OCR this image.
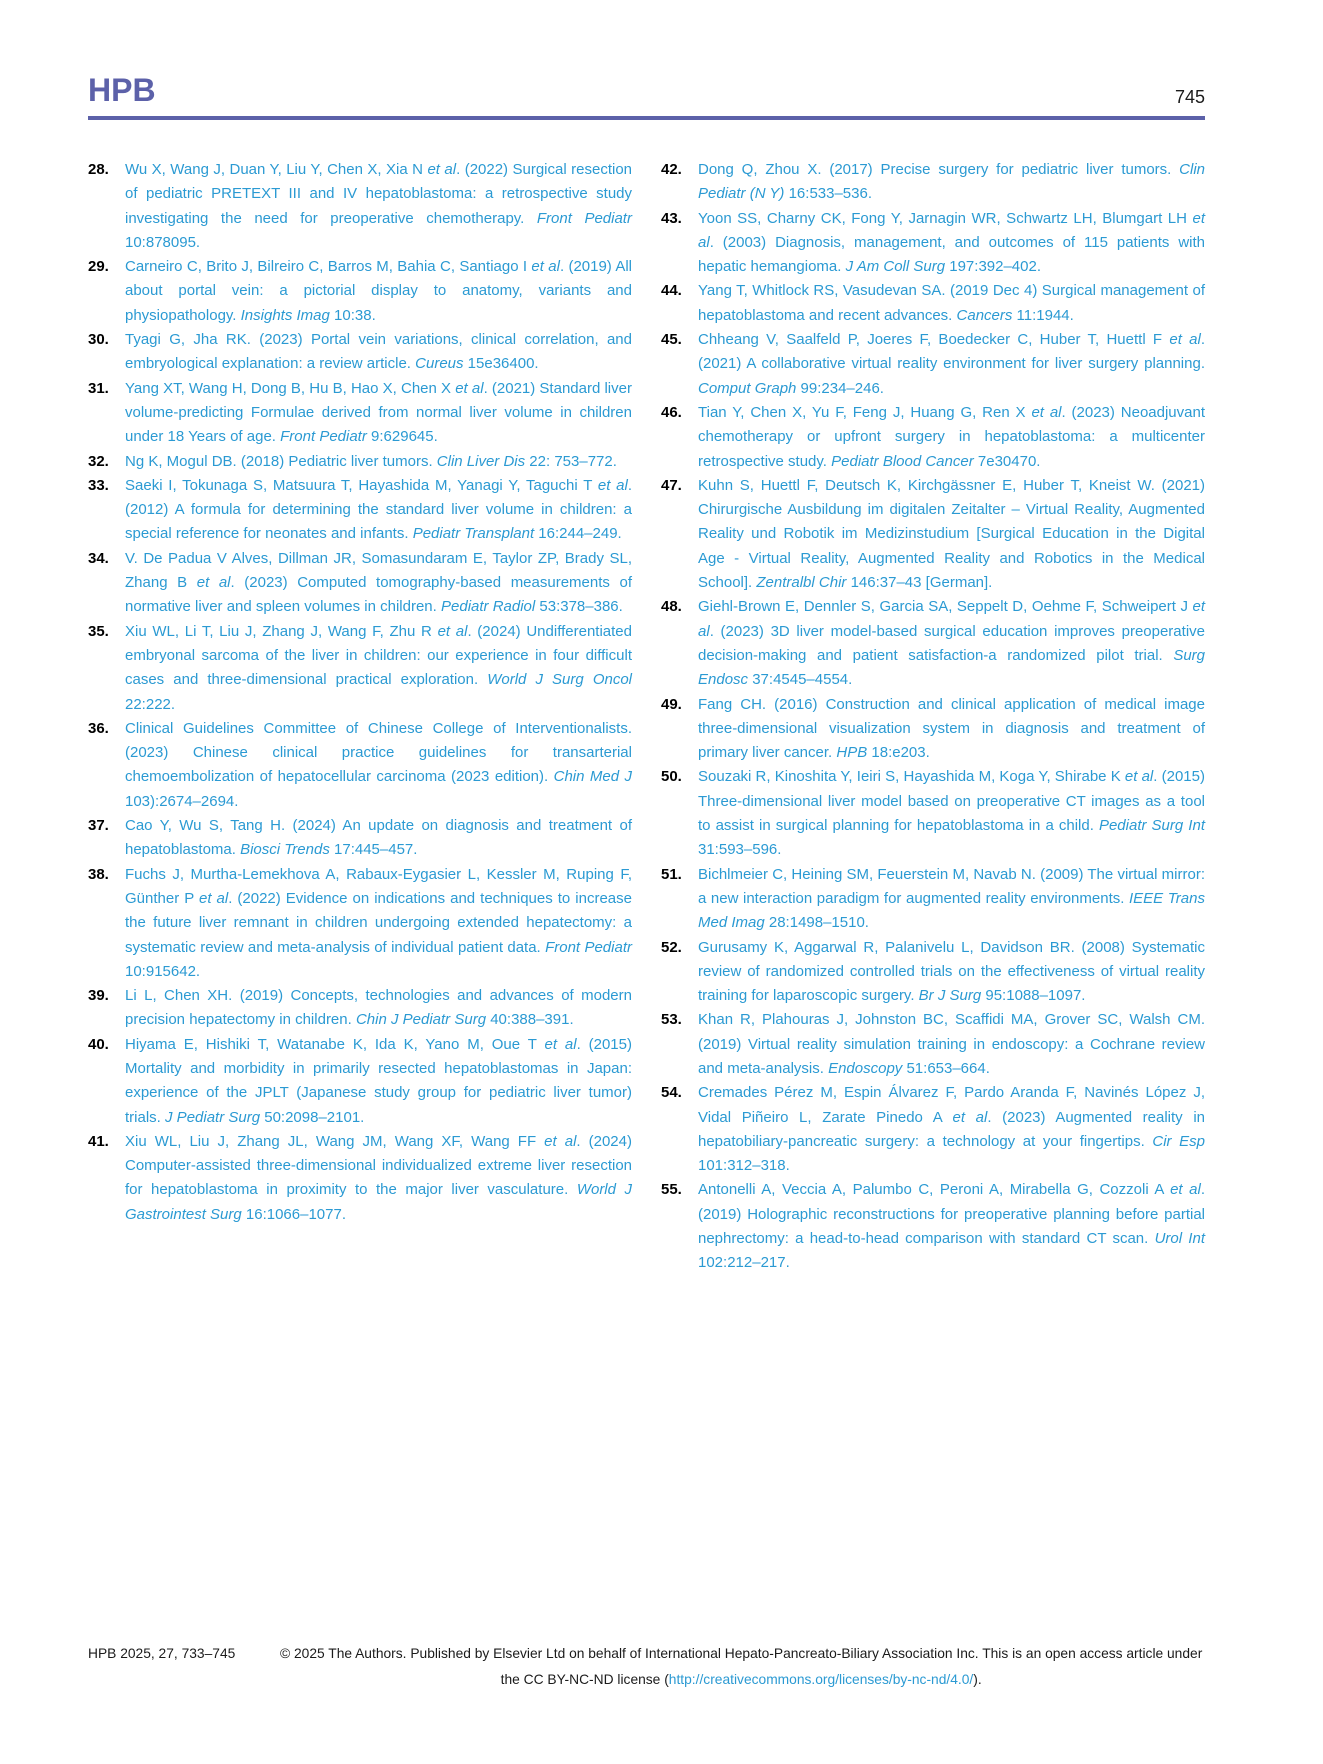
HPB	745
28. Wu X, Wang J, Duan Y, Liu Y, Chen X, Xia N et al. (2022) Surgical resection of pediatric PRETEXT III and IV hepatoblastoma: a retrospective study investigating the need for preoperative chemotherapy. Front Pediatr 10:878095.
29. Carneiro C, Brito J, Bilreiro C, Barros M, Bahia C, Santiago I et al. (2019) All about portal vein: a pictorial display to anatomy, variants and physiopathology. Insights Imag 10:38.
30. Tyagi G, Jha RK. (2023) Portal vein variations, clinical correlation, and embryological explanation: a review article. Cureus 15e36400.
31. Yang XT, Wang H, Dong B, Hu B, Hao X, Chen X et al. (2021) Standard liver volume-predicting Formulae derived from normal liver volume in children under 18 Years of age. Front Pediatr 9:629645.
32. Ng K, Mogul DB. (2018) Pediatric liver tumors. Clin Liver Dis 22: 753–772.
33. Saeki I, Tokunaga S, Matsuura T, Hayashida M, Yanagi Y, Taguchi T et al. (2012) A formula for determining the standard liver volume in children: a special reference for neonates and infants. Pediatr Transplant 16:244–249.
34. V. De Padua V Alves, Dillman JR, Somasundaram E, Taylor ZP, Brady SL, Zhang B et al. (2023) Computed tomography-based measurements of normative liver and spleen volumes in children. Pediatr Radiol 53:378–386.
35. Xiu WL, Li T, Liu J, Zhang J, Wang F, Zhu R et al. (2024) Undifferentiated embryonal sarcoma of the liver in children: our experience in four difficult cases and three-dimensional practical exploration. World J Surg Oncol 22:222.
36. Clinical Guidelines Committee of Chinese College of Interventionalists. (2023) Chinese clinical practice guidelines for transarterial chemoembolization of hepatocellular carcinoma (2023 edition). Chin Med J 103):2674–2694.
37. Cao Y, Wu S, Tang H. (2024) An update on diagnosis and treatment of hepatoblastoma. Biosci Trends 17:445–457.
38. Fuchs J, Murtha-Lemekhova A, Rabaux-Eygasier L, Kessler M, Ruping F, Günther P et al. (2022) Evidence on indications and techniques to increase the future liver remnant in children undergoing extended hepatectomy: a systematic review and meta-analysis of individual patient data. Front Pediatr 10:915642.
39. Li L, Chen XH. (2019) Concepts, technologies and advances of modern precision hepatectomy in children. Chin J Pediatr Surg 40:388–391.
40. Hiyama E, Hishiki T, Watanabe K, Ida K, Yano M, Oue T et al. (2015) Mortality and morbidity in primarily resected hepatoblastomas in Japan: experience of the JPLT (Japanese study group for pediatric liver tumor) trials. J Pediatr Surg 50:2098–2101.
41. Xiu WL, Liu J, Zhang JL, Wang JM, Wang XF, Wang FF et al. (2024) Computer-assisted three-dimensional individualized extreme liver resection for hepatoblastoma in proximity to the major liver vasculature. World J Gastrointest Surg 16:1066–1077.
42. Dong Q, Zhou X. (2017) Precise surgery for pediatric liver tumors. Clin Pediatr (N Y) 16:533–536.
43. Yoon SS, Charny CK, Fong Y, Jarnagin WR, Schwartz LH, Blumgart LH et al. (2003) Diagnosis, management, and outcomes of 115 patients with hepatic hemangioma. J Am Coll Surg 197:392–402.
44. Yang T, Whitlock RS, Vasudevan SA. (2019 Dec 4) Surgical management of hepatoblastoma and recent advances. Cancers 11:1944.
45. Chheang V, Saalfeld P, Joeres F, Boedecker C, Huber T, Huettl F et al. (2021) A collaborative virtual reality environment for liver surgery planning. Comput Graph 99:234–246.
46. Tian Y, Chen X, Yu F, Feng J, Huang G, Ren X et al. (2023) Neoadjuvant chemotherapy or upfront surgery in hepatoblastoma: a multicenter retrospective study. Pediatr Blood Cancer 7e30470.
47. Kuhn S, Huettl F, Deutsch K, Kirchgässner E, Huber T, Kneist W. (2021) Chirurgische Ausbildung im digitalen Zeitalter – Virtual Reality, Augmented Reality und Robotik im Medizinstudium [Surgical Education in the Digital Age - Virtual Reality, Augmented Reality and Robotics in the Medical School]. Zentralbl Chir 146:37–43 [German].
48. Giehl-Brown E, Dennler S, Garcia SA, Seppelt D, Oehme F, Schweipert J et al. (2023) 3D liver model-based surgical education improves preoperative decision-making and patient satisfaction-a randomized pilot trial. Surg Endosc 37:4545–4554.
49. Fang CH. (2016) Construction and clinical application of medical image three-dimensional visualization system in diagnosis and treatment of primary liver cancer. HPB 18:e203.
50. Souzaki R, Kinoshita Y, Ieiri S, Hayashida M, Koga Y, Shirabe K et al. (2015) Three-dimensional liver model based on preoperative CT images as a tool to assist in surgical planning for hepatoblastoma in a child. Pediatr Surg Int 31:593–596.
51. Bichlmeier C, Heining SM, Feuerstein M, Navab N. (2009) The virtual mirror: a new interaction paradigm for augmented reality environments. IEEE Trans Med Imag 28:1498–1510.
52. Gurusamy K, Aggarwal R, Palanivelu L, Davidson BR. (2008) Systematic review of randomized controlled trials on the effectiveness of virtual reality training for laparoscopic surgery. Br J Surg 95:1088–1097.
53. Khan R, Plahouras J, Johnston BC, Scaffidi MA, Grover SC, Walsh CM. (2019) Virtual reality simulation training in endoscopy: a Cochrane review and meta-analysis. Endoscopy 51:653–664.
54. Cremades Pérez M, Espin Álvarez F, Pardo Aranda F, Navinés López J, Vidal Piñeiro L, Zarate Pinedo A et al. (2023) Augmented reality in hepatobiliary-pancreatic surgery: a technology at your fingertips. Cir Esp 101:312–318.
55. Antonelli A, Veccia A, Palumbo C, Peroni A, Mirabella G, Cozzoli A et al. (2019) Holographic reconstructions for preoperative planning before partial nephrectomy: a head-to-head comparison with standard CT scan. Urol Int 102:212–217.
HPB 2025, 27, 733–745	© 2025 The Authors. Published by Elsevier Ltd on behalf of International Hepato-Pancreato-Biliary Association Inc. This is an open access article under the CC BY-NC-ND license (http://creativecommons.org/licenses/by-nc-nd/4.0/).
